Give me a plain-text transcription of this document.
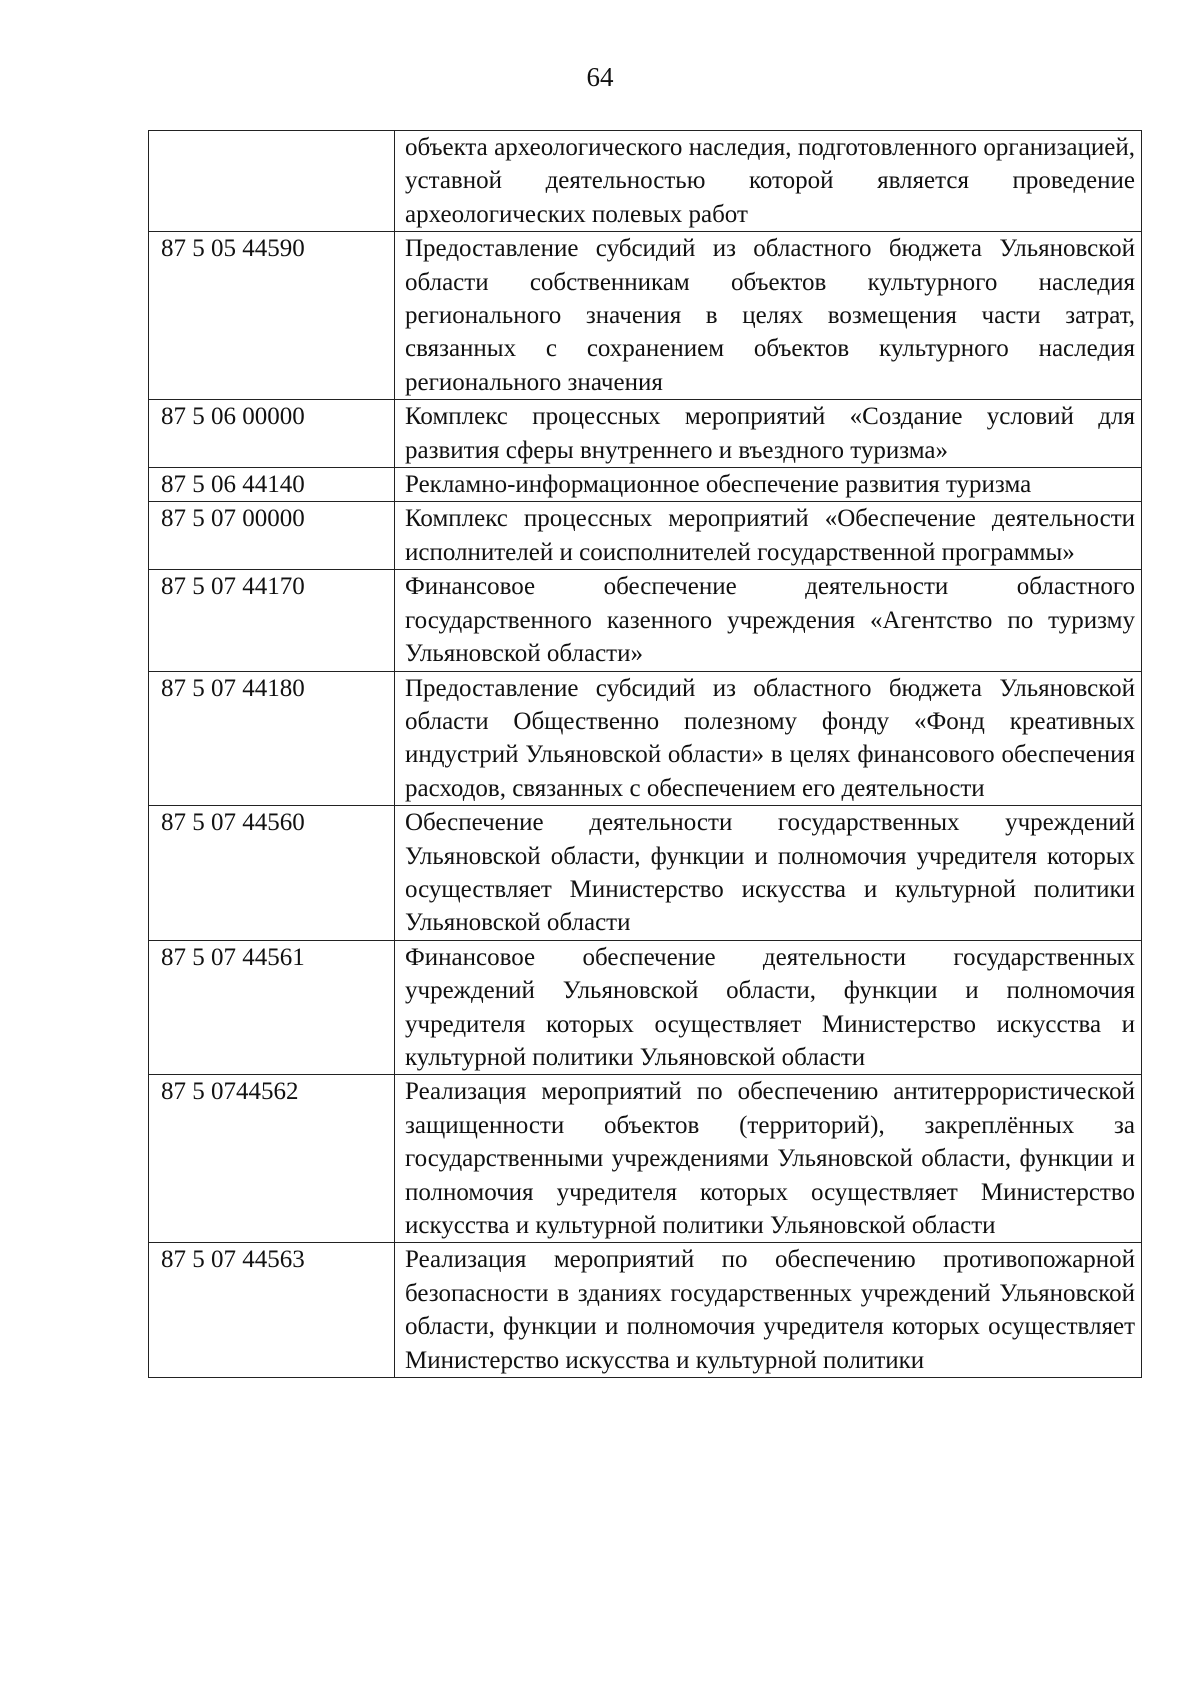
64

	объекта археологического наследия, подготовленного организацией, уставной деятельностью которой является проведение археологических полевых работ

87 5 05 44590	Предоставление субсидий из областного бюджета Ульяновской области собственникам объектов культурного наследия регионального значения в целях возмещения части затрат, связанных с сохранением объектов культурного наследия регионального значения

87 5 06 00000	Комплекс процессных мероприятий «Создание условий для развития сферы внутреннего и въездного туризма»

87 5 06 44140	Рекламно-информационное обеспечение развития туризма

87 5 07 00000	Комплекс процессных мероприятий «Обеспечение деятельности исполнителей и соисполнителей государственной программы»

87 5 07 44170	Финансовое обеспечение деятельности областного государственного казенного учреждения «Агентство по туризму Ульяновской области»

87 5 07 44180	Предоставление субсидий из областного бюджета Ульяновской области Общественно полезному фонду «Фонд креативных индустрий Ульяновской области» в целях финансового обеспечения расходов, связанных с обеспечением его деятельности

87 5 07 44560	Обеспечение деятельности государственных учреждений Ульяновской области, функции и полномочия учредителя которых осуществляет Министерство искусства и культурной политики Ульяновской области

87 5 07 44561	Финансовое обеспечение деятельности государственных учреждений Ульяновской области, функции и полномочия учредителя которых осуществляет Министерство искусства и культурной политики Ульяновской области

87 5 0744562	Реализация мероприятий по обеспечению антитеррористической защищенности объектов (территорий), закреплённых за государственными учреждениями Ульяновской области, функции и полномочия учредителя которых осуществляет Министерство искусства и культурной политики Ульяновской области

87 5 07 44563	Реализация мероприятий по обеспечению противопожарной безопасности в зданиях государственных учреждений Ульяновской области, функции и полномочия учредителя которых осуществляет Министерство искусства и культурной политики
